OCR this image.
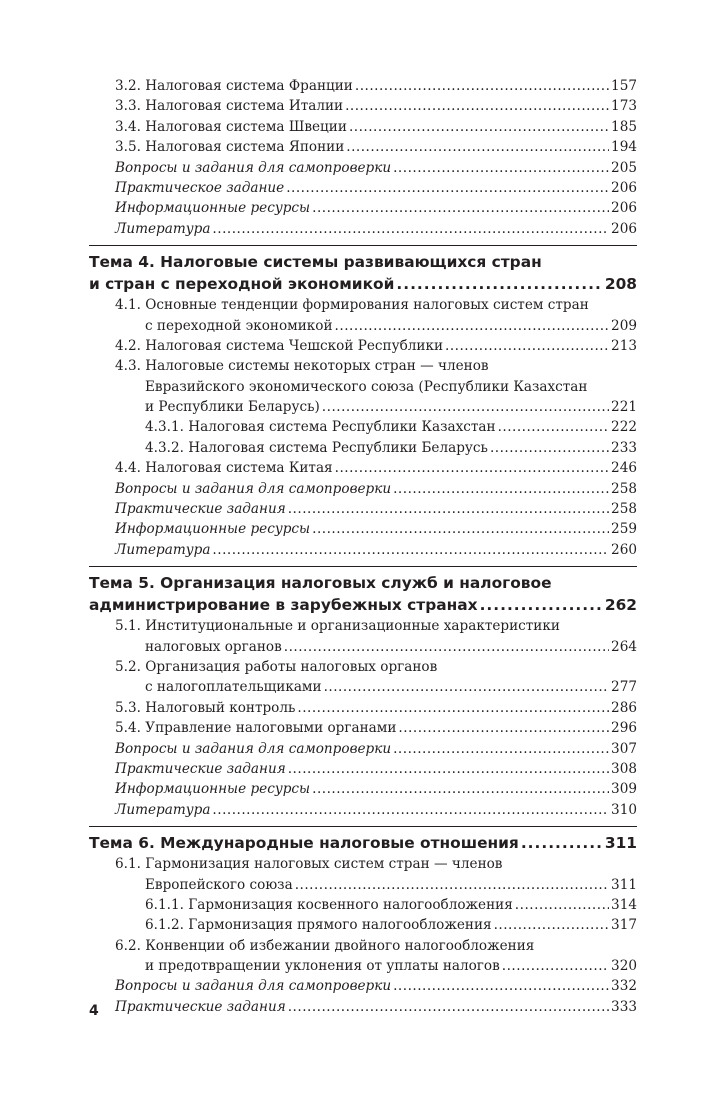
3.2. Налоговая система Франции .....	157
3.3. Налоговая система Италии .....	173
3.4. Налоговая система Швеции .....	185
3.5. Налоговая система Японии .....	194
Вопросы и задания для самопроверки .....	205
Практическое задание .....	206
Информационные ресурсы .....	206
Литература .....	206
Тема 4. Налоговые системы развивающихся стран
и стран с переходной экономикой .....	208
4.1. Основные тенденции формирования налоговых систем стран
с переходной экономикой .....	209
4.2. Налоговая система Чешской Республики .....	213
4.3. Налоговые системы некоторых стран — членов
Евразийского экономического союза (Республики Казахстан
и Республики Беларусь) .....	221
4.3.1. Налоговая система Республики Казахстан .....	222
4.3.2. Налоговая система Республики Беларусь .....	233
4.4. Налоговая система Китая .....	246
Вопросы и задания для самопроверки .....	258
Практические задания .....	258
Информационные ресурсы .....	259
Литература .....	260
Тема 5. Организация налоговых служб и налоговое
администрирование в зарубежных странах .....	262
5.1. Институциональные и организационные характеристики
налоговых органов .....	264
5.2. Организация работы налоговых органов
с налогоплательщиками .....	277
5.3. Налоговый контроль .....	286
5.4. Управление налоговыми органами .....	296
Вопросы и задания для самопроверки .....	307
Практические задания .....	308
Информационные ресурсы .....	309
Литература .....	310
Тема 6. Международные налоговые отношения .....	311
6.1. Гармонизация налоговых систем стран — членов
Европейского союза .....	311
6.1.1. Гармонизация косвенного налогообложения .....	314
6.1.2. Гармонизация прямого налогообложения .....	317
6.2. Конвенции об избежании двойного налогообложения
и предотвращении уклонения от уплаты налогов .....	320
Вопросы и задания для самопроверки .....	332
Практические задания .....	333
4
